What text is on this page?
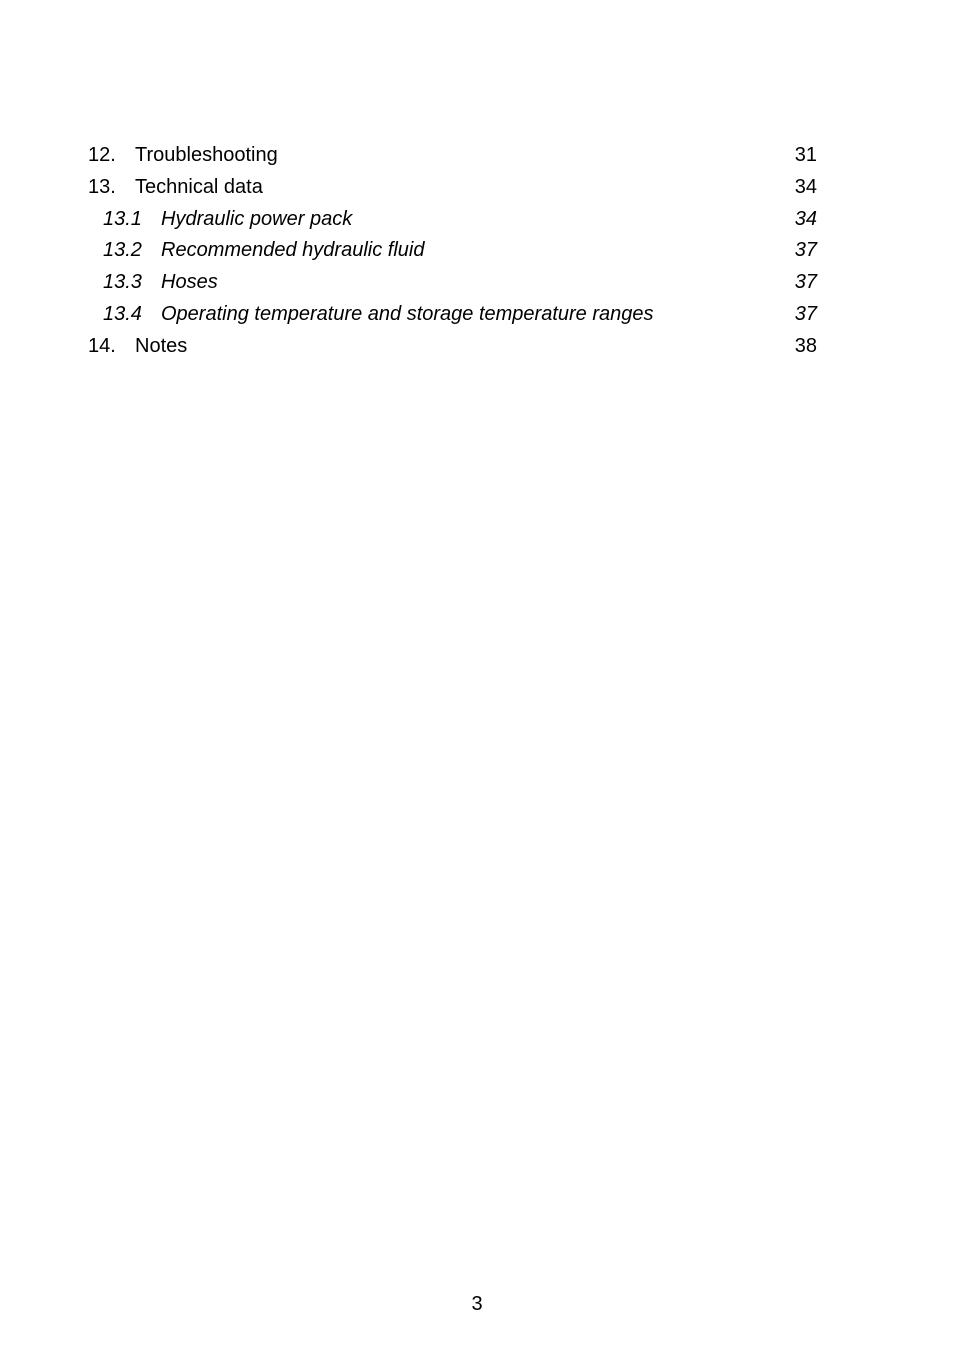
12. Troubleshooting	31
13. Technical data	34
13.1 Hydraulic power pack	34
13.2 Recommended hydraulic fluid	37
13.3 Hoses	37
13.4 Operating temperature and storage temperature ranges	37
14. Notes	38
3
